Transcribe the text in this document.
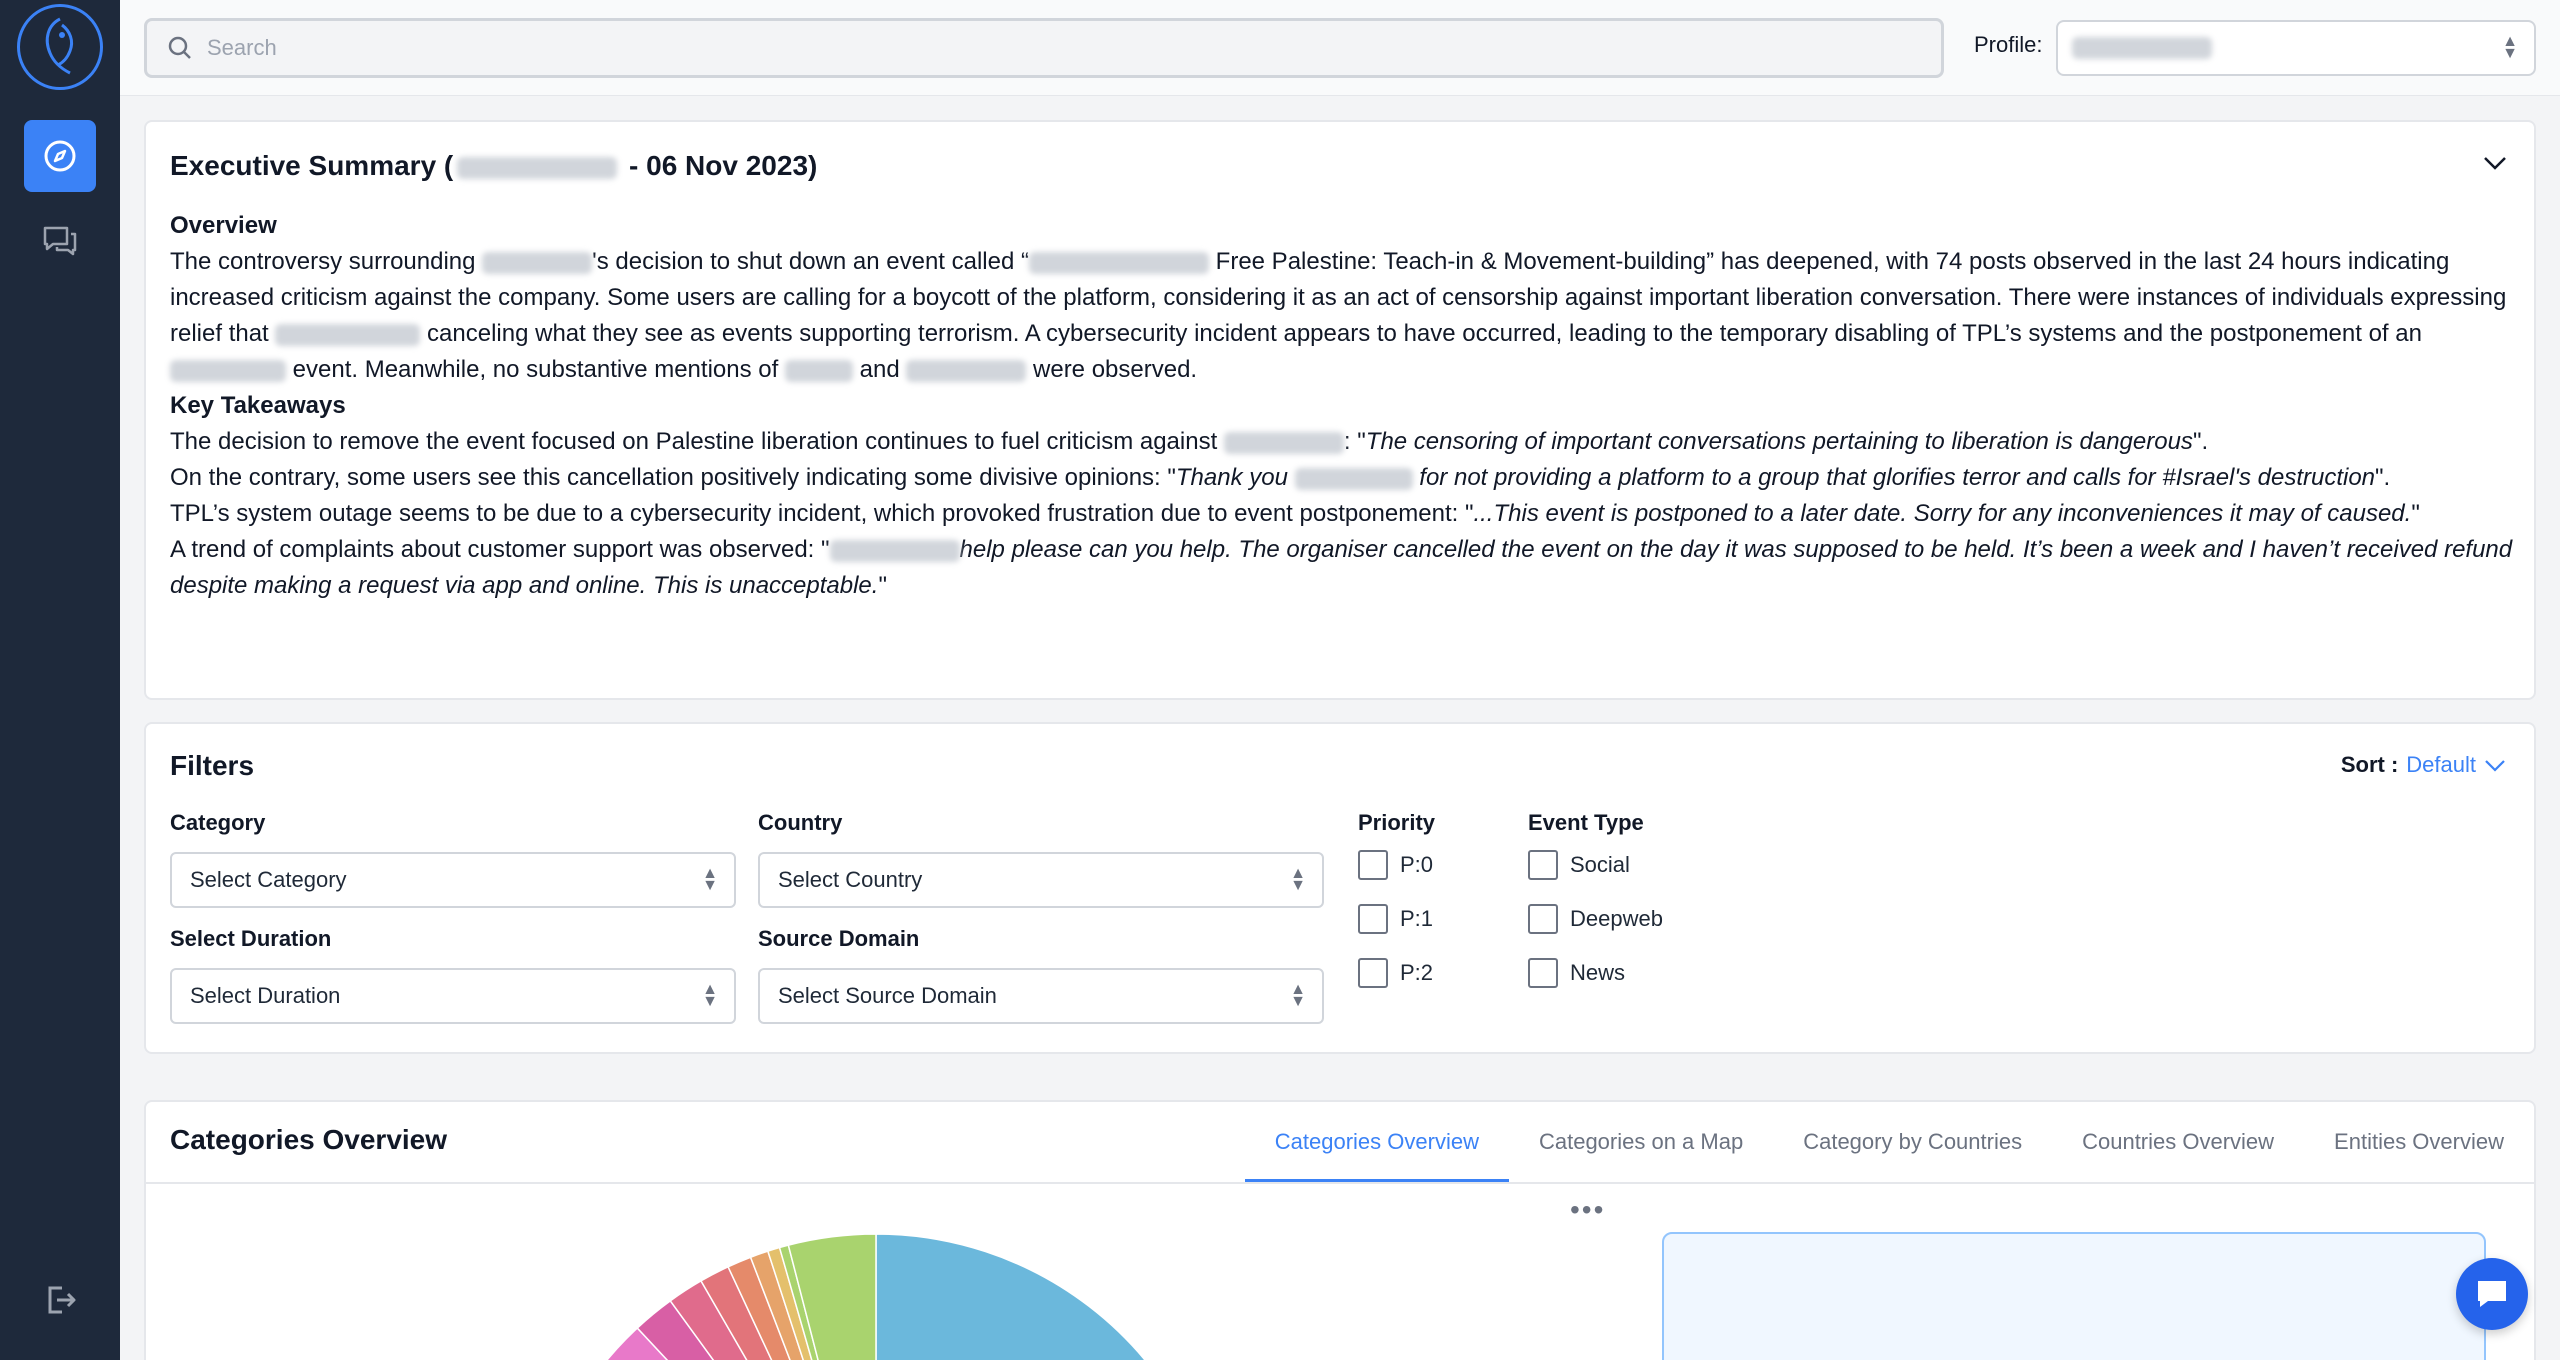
Search
Profile:	▲
▼
Executive Summary (	- 06 Nov 2023)
Overview

The controversy surrounding	's decision to shut down an event called “	Free Palestine: Teach-in & Movement-building” has deepened, with 74 posts observed in the last 24 hours indicating increased criticism against the company. Some users are calling for a boycott of the platform, considering it as an act of censorship against important liberation conversation. There were instances of individuals expressing relief that	canceling what they see as events supporting terrorism. A cybersecurity incident appears to have occurred, leading to the temporary disabling of TPL’s systems and the postponement of an  event. Meanwhile, no substantive mentions of	and	were observed.

Key Takeaways

The decision to remove the event focused on Palestine liberation continues to fuel criticism against	: "The censoring of important conversations pertaining to liberation is dangerous".

On the contrary, some users see this cancellation positively indicating some divisive opinions: "Thank you	for not providing a platform to a group that glorifies terror and calls for #Israel's destruction".

TPL’s system outage seems to be due to a cybersecurity incident, which provoked frustration due to event postponement: "...This event is postponed to a later date. Sorry for any inconveniences it may of caused."

A trend of complaints about customer support was observed: "	help please can you help. The organiser cancelled the event on the day it was supposed to be held. It’s been a week and I haven’t received refund despite making a request via app and online. This is unacceptable."

Filters	Sort : Default
Category
Select Category	▲
▼
Country
Select Country	▲
▼
Select Duration
Select Duration	▲
▼
Source Domain
Select Source Domain	▲
▼
Priority
P:0
P:1
P:2
Event Type
Social
Deepweb
News
Categories Overview	Categories Overview	Categories on a Map	Category by Countries	Countries Overview	Entities Overview
•••
